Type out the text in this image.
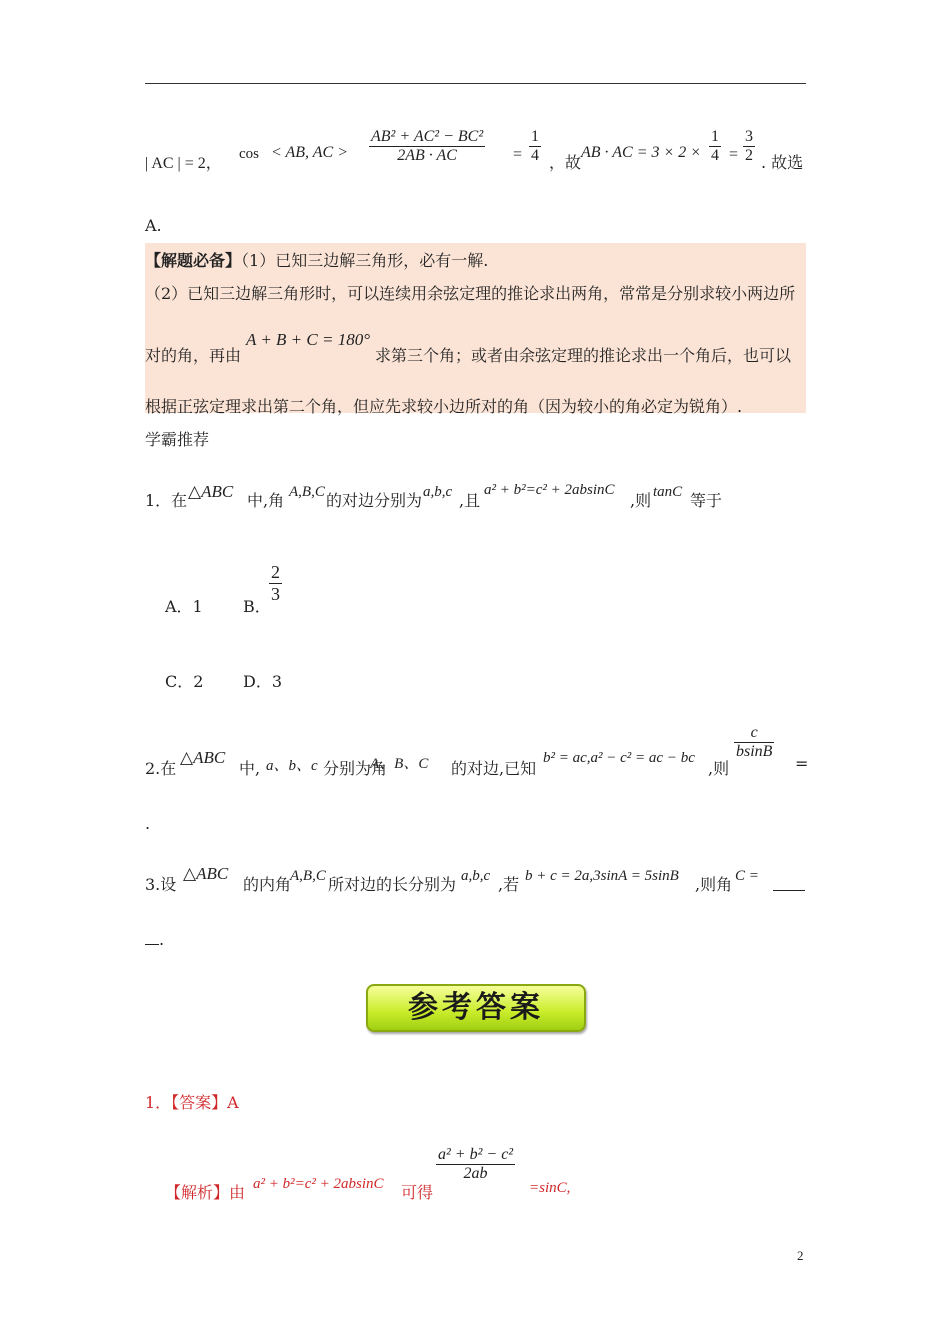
| AC | = 2，
cos < AB, AC > $\frac{\text{AB² + AC² − BC²}}{2AB \cdot AC} = \frac{1}{4}$ ，故
AB · AC = $3 \times 2 \times \frac{1}{4} = \frac{3}{2}$ . 故选
A.
【解题必备】（1）已知三边解三角形，必有一解.
（2）已知三边解三角形时，可以连续用余弦定理的推论求出两角，常常是分别求较小两边所
对的角，再由
A + B + C = 180°
求第三个角；或者由余弦定理的推论求出一个角后，也可以
根据正弦定理求出第二个角，但应先求较小边所对的角（因为较小的角必定为锐角）.
学霸推荐
1．在 △ABC 中,角 A,B,C 的对边分别为 a,b,c ,且
a² + b²=c² + 2absinC
,则 tanC 等于
A．1	B．
$\frac{2}{3}$
C．2 D．3
2.在
△ABC
中, a、b、c 分别为角
A、B、C 的对边,已知
b² = ac,a² − c² = ac − bc
,则	=
$\frac{c}{bsinB}$
.
3.设
△ABC
的内角
A,B,C 所对边的长分别为 a,b,c ,若 b + c = 2a,3sinA = 5sinB ,则角 C =
.
参考答案
1．【答案】A
【解析】由 a² + b²=c² + 2absinC 可得	=sinC,
$\frac{\text{a² + b² − c²}}{2ab}$
2
